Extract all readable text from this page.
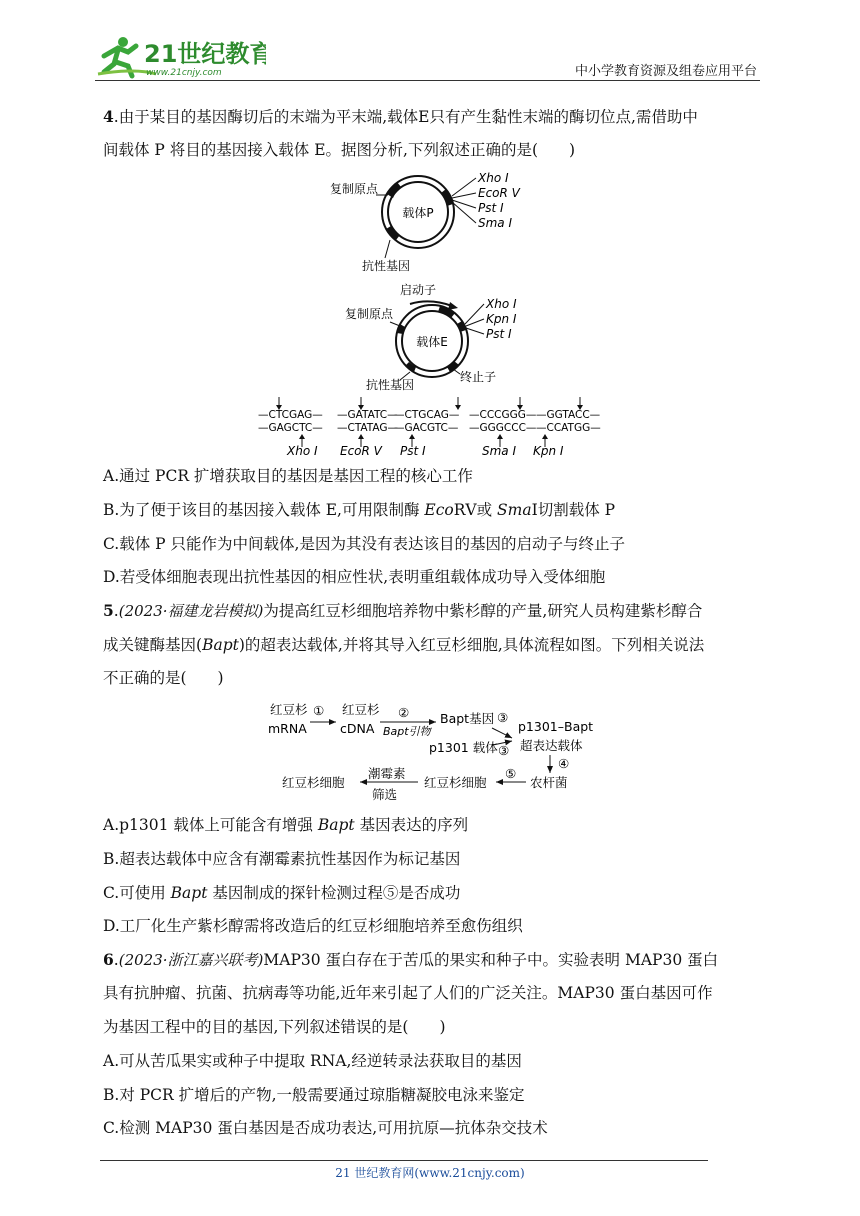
21世纪教育
www.21cnjy.com	中小学教育资源及组卷应用平台
4.由于某目的基因酶切后的末端为平末端,载体E只有产生黏性末端的酶切位点,需借助中
间载体 P 将目的基因接入载体 E。据图分析,下列叙述正确的是(　　)
载体P
复制原点
抗性基因
Xho Ⅰ
EcoR Ⅴ
Pst Ⅰ
Sma Ⅰ
载体E
启动子
复制原点
终止子
抗性基因
Xho Ⅰ
Kpn Ⅰ
Pst Ⅰ
—CTCGAG—
—GAGCTC—
Xho Ⅰ
—GATATC—
—CTATAG—
EcoR Ⅴ
—CTGCAG—
—GACGTC—
Pst Ⅰ
—CCCGGG—
—GGGCCC—
Sma Ⅰ
—GGTACC—
—CCATGG—
Kpn Ⅰ
A.通过 PCR 扩增获取目的基因是基因工程的核心工作
B.为了便于该目的基因接入载体 E,可用限制酶 EcoRⅤ或 SmaⅠ切割载体 P
C.载体 P 只能作为中间载体,是因为其没有表达该目的基因的启动子与终止子
D.若受体细胞表现出抗性基因的相应性状,表明重组载体成功导入受体细胞
5.(2023·福建龙岩模拟)为提高红豆杉细胞培养物中紫杉醇的产量,研究人员构建紫杉醇合
成关键酶基因(Bapt)的超表达载体,并将其导入红豆杉细胞,具体流程如图。下列相关说法
不正确的是(　　)
红豆杉
mRNA
① 红豆杉
cDNA
②
Bapt引物
Bapt基因 ③
p1301 载体 ③
p1301–Bapt
超表达载体
④
农杆菌
⑤
红豆杉细胞
潮霉素
筛选
红豆杉细胞
A.p1301 载体上可能含有增强 Bapt 基因表达的序列
B.超表达载体中应含有潮霉素抗性基因作为标记基因
C.可使用 Bapt 基因制成的探针检测过程⑤是否成功
D.工厂化生产紫杉醇需将改造后的红豆杉细胞培养至愈伤组织
6.(2023·浙江嘉兴联考)MAP30 蛋白存在于苦瓜的果实和种子中。实验表明 MAP30 蛋白
具有抗肿瘤、抗菌、抗病毒等功能,近年来引起了人们的广泛关注。MAP30 蛋白基因可作
为基因工程中的目的基因,下列叙述错误的是(　　)
A.可从苦瓜果实或种子中提取 RNA,经逆转录法获取目的基因
B.对 PCR 扩增后的产物,一般需要通过琼脂糖凝胶电泳来鉴定
C.检测 MAP30 蛋白基因是否成功表达,可用抗原—抗体杂交技术
21 世纪教育网(www.21cnjy.com)
